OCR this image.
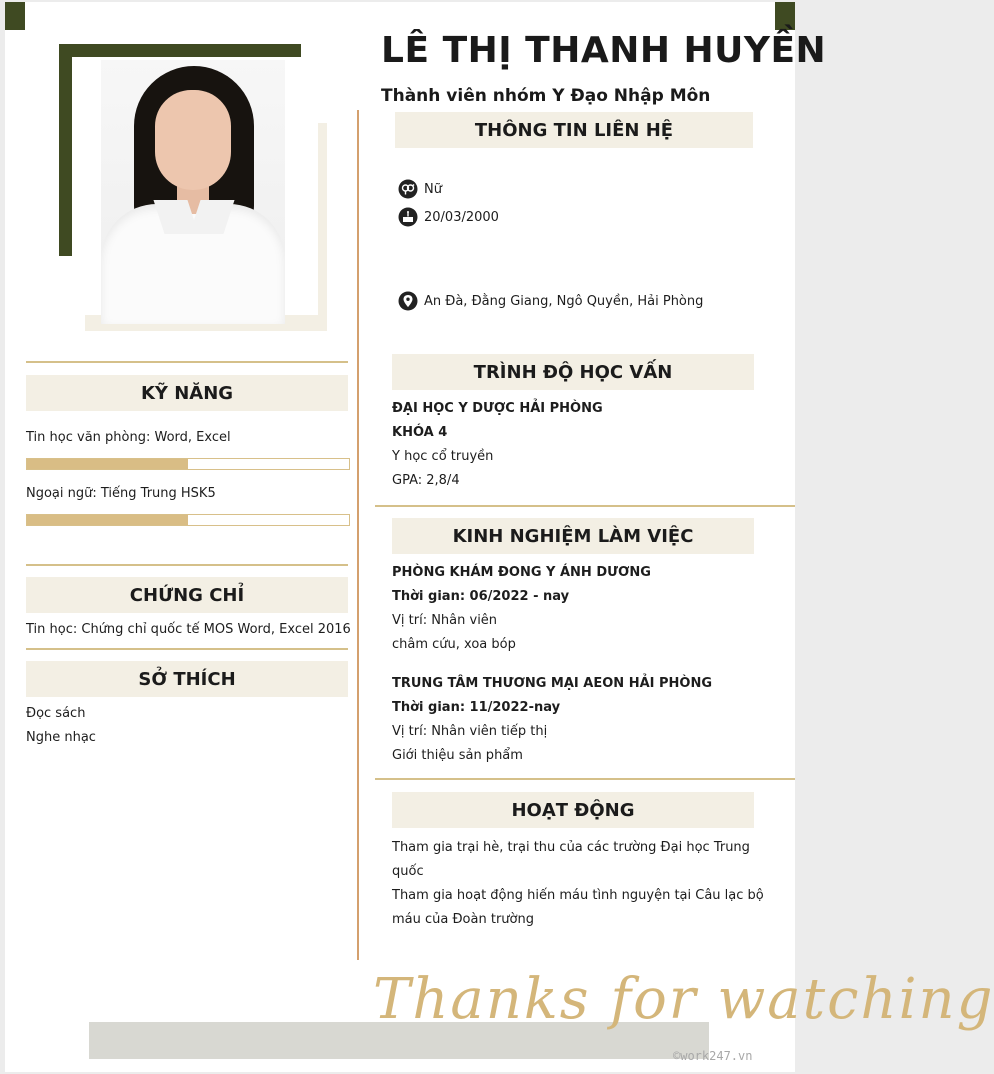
LÊ THỊ THANH HUYỀN
Thành viên nhóm Y Đạo Nhập Môn
THÔNG TIN LIÊN HỆ
Nữ
20/03/2000
An Đà, Đằng Giang, Ngô Quyền, Hải Phòng
KỸ NĂNG
Tin học văn phòng: Word, Excel
Ngoại ngữ: Tiếng Trung HSK5
CHỨNG CHỈ
Tin học: Chứng chỉ quốc tế MOS Word, Excel 2016
SỞ THÍCH
Đọc sách
Nghe nhạc
TRÌNH ĐỘ HỌC VẤN
ĐẠI HỌC Y DƯỢC HẢI PHÒNG
KHÓA 4
Y học cổ truyền
GPA: 2,8/4
KINH NGHIỆM LÀM VIỆC
PHÒNG KHÁM ĐONG Y ÁNH DƯƠNG
Thời gian: 06/2022 - nay
Vị trí: Nhân viên
châm cứu, xoa bóp
TRUNG TÂM THƯƠNG MẠI AEON HẢI PHÒNG
Thời gian: 11/2022-nay
Vị trí: Nhân viên tiếp thị
Giới thiệu sản phẩm
HOẠT ĐỘNG
Tham gia trại hè, trại thu của các trường Đại học Trung
quốc
Tham gia hoạt động hiến máu tình nguyện tại Câu lạc bộ
máu của Đoàn trường
Thanks for watching
©work247.vn
